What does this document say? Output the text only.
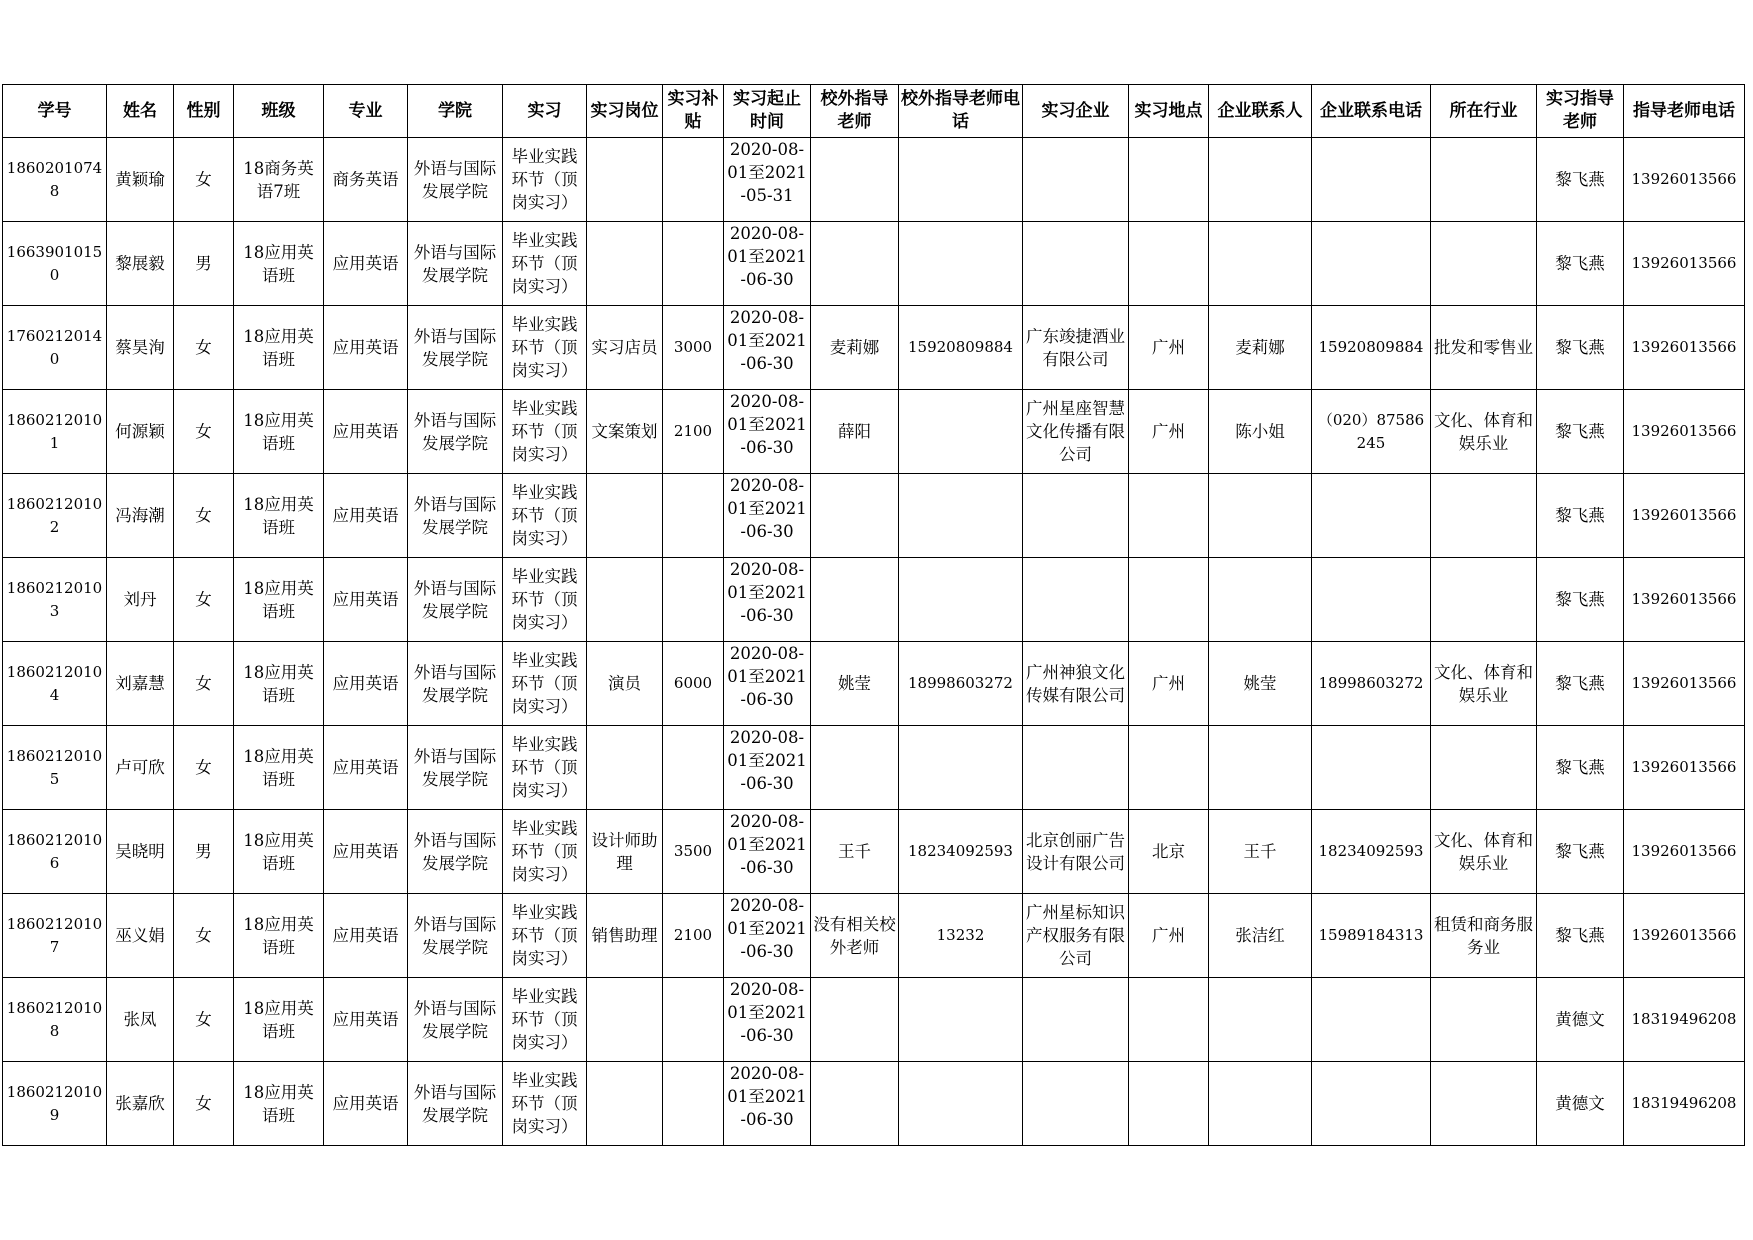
学号	姓名	性别	班级	专业	学院	实习	实习岗位	实习补贴	实习起止时间	校外指导老师	校外指导老师电话	实习企业	实习地点	企业联系人	企业联系电话	所在行业	实习指导老师	指导老师电话

18602010748	黄颖瑜	女	18商务英语7班	商务英语	外语与国际发展学院	毕业实践环节（顶岗实习）			2020-08-01至2021-05-31								黎飞燕	13926013566

16639010150	黎展毅	男	18应用英语班	应用英语	外语与国际发展学院	毕业实践环节（顶岗实习）			2020-08-01至2021-06-30								黎飞燕	13926013566

17602120140	蔡昊洵	女	18应用英语班	应用英语	外语与国际发展学院	毕业实践环节（顶岗实习）	实习店员	3000	2020-08-01至2021-06-30	麦莉娜	15920809884	广东竣捷酒业有限公司	广州	麦莉娜	15920809884	批发和零售业	黎飞燕	13926013566

18602120101	何源颖	女	18应用英语班	应用英语	外语与国际发展学院	毕业实践环节（顶岗实习）	文案策划	2100	2020-08-01至2021-06-30	薛阳		广州星座智慧文化传播有限公司	广州	陈小姐	（020）87586245	文化、体育和娱乐业	黎飞燕	13926013566

18602120102	冯海潮	女	18应用英语班	应用英语	外语与国际发展学院	毕业实践环节（顶岗实习）			2020-08-01至2021-06-30								黎飞燕	13926013566

18602120103	刘丹	女	18应用英语班	应用英语	外语与国际发展学院	毕业实践环节（顶岗实习）			2020-08-01至2021-06-30								黎飞燕	13926013566

18602120104	刘嘉慧	女	18应用英语班	应用英语	外语与国际发展学院	毕业实践环节（顶岗实习）	演员	6000	2020-08-01至2021-06-30	姚莹	18998603272	广州神狼文化传媒有限公司	广州	姚莹	18998603272	文化、体育和娱乐业	黎飞燕	13926013566

18602120105	卢可欣	女	18应用英语班	应用英语	外语与国际发展学院	毕业实践环节（顶岗实习）			2020-08-01至2021-06-30								黎飞燕	13926013566

18602120106	吴晓明	男	18应用英语班	应用英语	外语与国际发展学院	毕业实践环节（顶岗实习）	设计师助理	3500	2020-08-01至2021-06-30	王千	18234092593	北京创丽广告设计有限公司	北京	王千	18234092593	文化、体育和娱乐业	黎飞燕	13926013566

18602120107	巫义娟	女	18应用英语班	应用英语	外语与国际发展学院	毕业实践环节（顶岗实习）	销售助理	2100	2020-08-01至2021-06-30	没有相关校外老师	13232	广州星标知识产权服务有限公司	广州	张洁红	15989184313	租赁和商务服务业	黎飞燕	13926013566

18602120108	张凤	女	18应用英语班	应用英语	外语与国际发展学院	毕业实践环节（顶岗实习）			2020-08-01至2021-06-30								黄德文	18319496208

18602120109	张嘉欣	女	18应用英语班	应用英语	外语与国际发展学院	毕业实践环节（顶岗实习）			2020-08-01至2021-06-30								黄德文	18319496208
